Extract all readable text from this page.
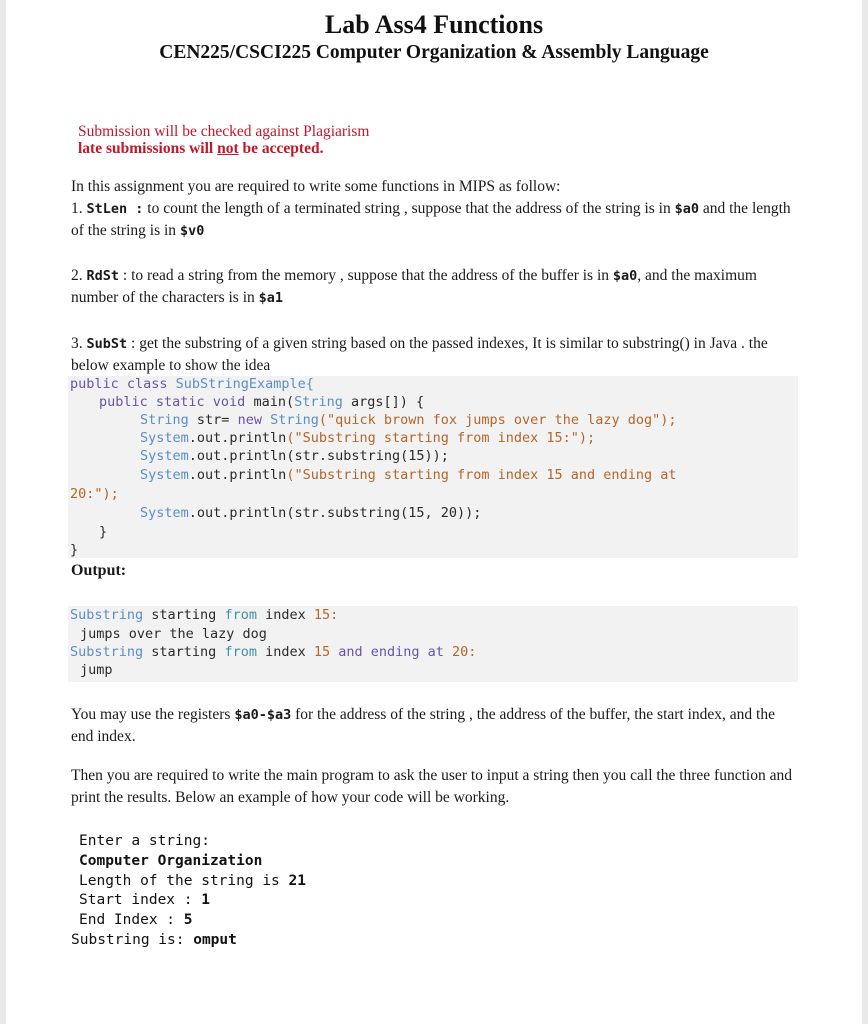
Lab Ass4 Functions
CEN225/CSCI225 Computer Organization & Assembly Language
Submission will be checked against Plagiarism
late submissions will not be accepted.
In this assignment you are required to write some functions in MIPS as follow:
1. StLen : to count the length of a terminated string , suppose that the address of the string is in $a0 and the length of the string is in $v0
2. RdSt : to read a string from the memory , suppose that the address of the buffer is in $a0, and the maximum number of the characters is in $a1
3. SubSt : get the substring of a given string based on the passed indexes, It is similar to substring() in Java . the below example to show the idea
public class SubStringExample{
public static void main(String args[]) {
String str= new String("quick brown fox jumps over the lazy dog");
System.out.println("Substring starting from index 15:");
System.out.println(str.substring(15));
System.out.println("Substring starting from index 15 and ending at
20:");
System.out.println(str.substring(15, 20));
}
}
Output:
Substring starting from index 15:
jumps over the lazy dog
Substring starting from index 15 and ending at 20:
jump
You may use the registers $a0-$a3 for the address of the string , the address of the buffer, the start index, and the end index.
Then you are required to write the main program to ask the user to input a string then you call the three function and print the results. Below an example of how your code will be working.
Enter a string:
Computer Organization
Length of the string is 21
Start index : 1
End Index : 5
Substring is: omput
